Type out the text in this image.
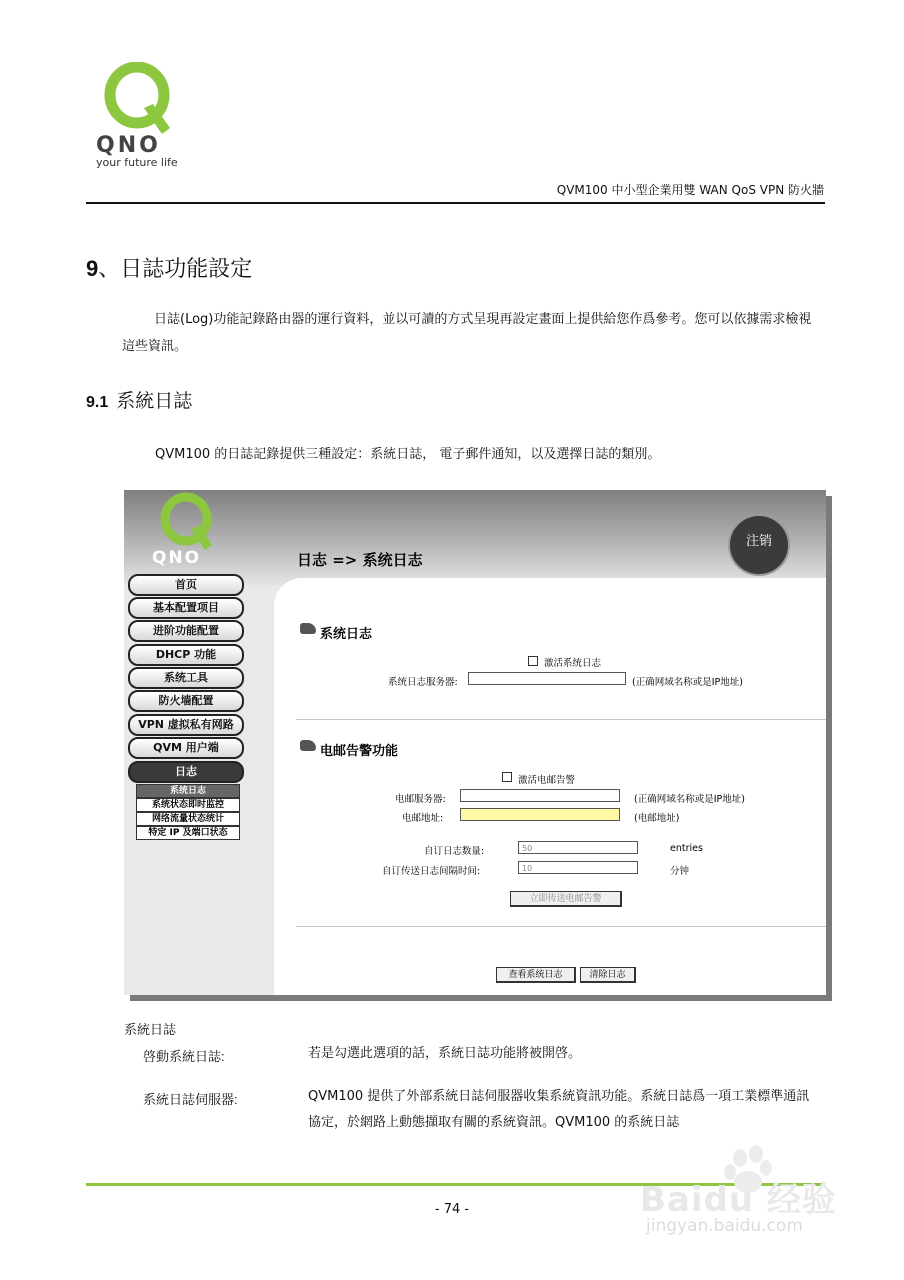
QNO
your future life
QVM100 中小型企業用雙 WAN QoS VPN 防火牆
9、日誌功能設定
日誌(Log)功能記錄路由器的運行資料，並以可讀的方式呈現再設定畫面上提供給您作爲參考。您可以依據需求檢視這些資訊。
9.1 系統日誌
QVM100 的日誌記錄提供三種設定：系統日誌， 電子郵件通知，以及選擇日誌的類別。
QNO
注销
日志 => 系统日志
首页
基本配置项目
进阶功能配置
DHCP 功能
系统工具
防火墙配置
VPN 虚拟私有网路
QVM 用户端
日志
系统日志
系统状态即时监控
网络流量状态统计
特定 IP 及端口状态
系统日志
激活系统日志
系统日志服务器:	(正确网域名称或是IP地址)
电邮告警功能
激活电邮告警
电邮服务器:	(正确网域名称或是IP地址)
电邮地址:	(电邮地址)
自订日志数量:	50	entries
自订传送日志间隔时间:	10	分钟
立即传送电邮告警
查看系统日志	清除日志
系統日誌
啓動系統日誌:	若是勾選此選項的話，系統日誌功能將被開啓。
系統日誌伺服器:	QVM100 提供了外部系統日誌伺服器收集系統資訊功能。系統日誌爲一項工業標準通訊協定，於網路上動態擷取有關的系統資訊。QVM100 的系統日誌
- 74 -	Baidu 经验
jingyan.baidu.com
